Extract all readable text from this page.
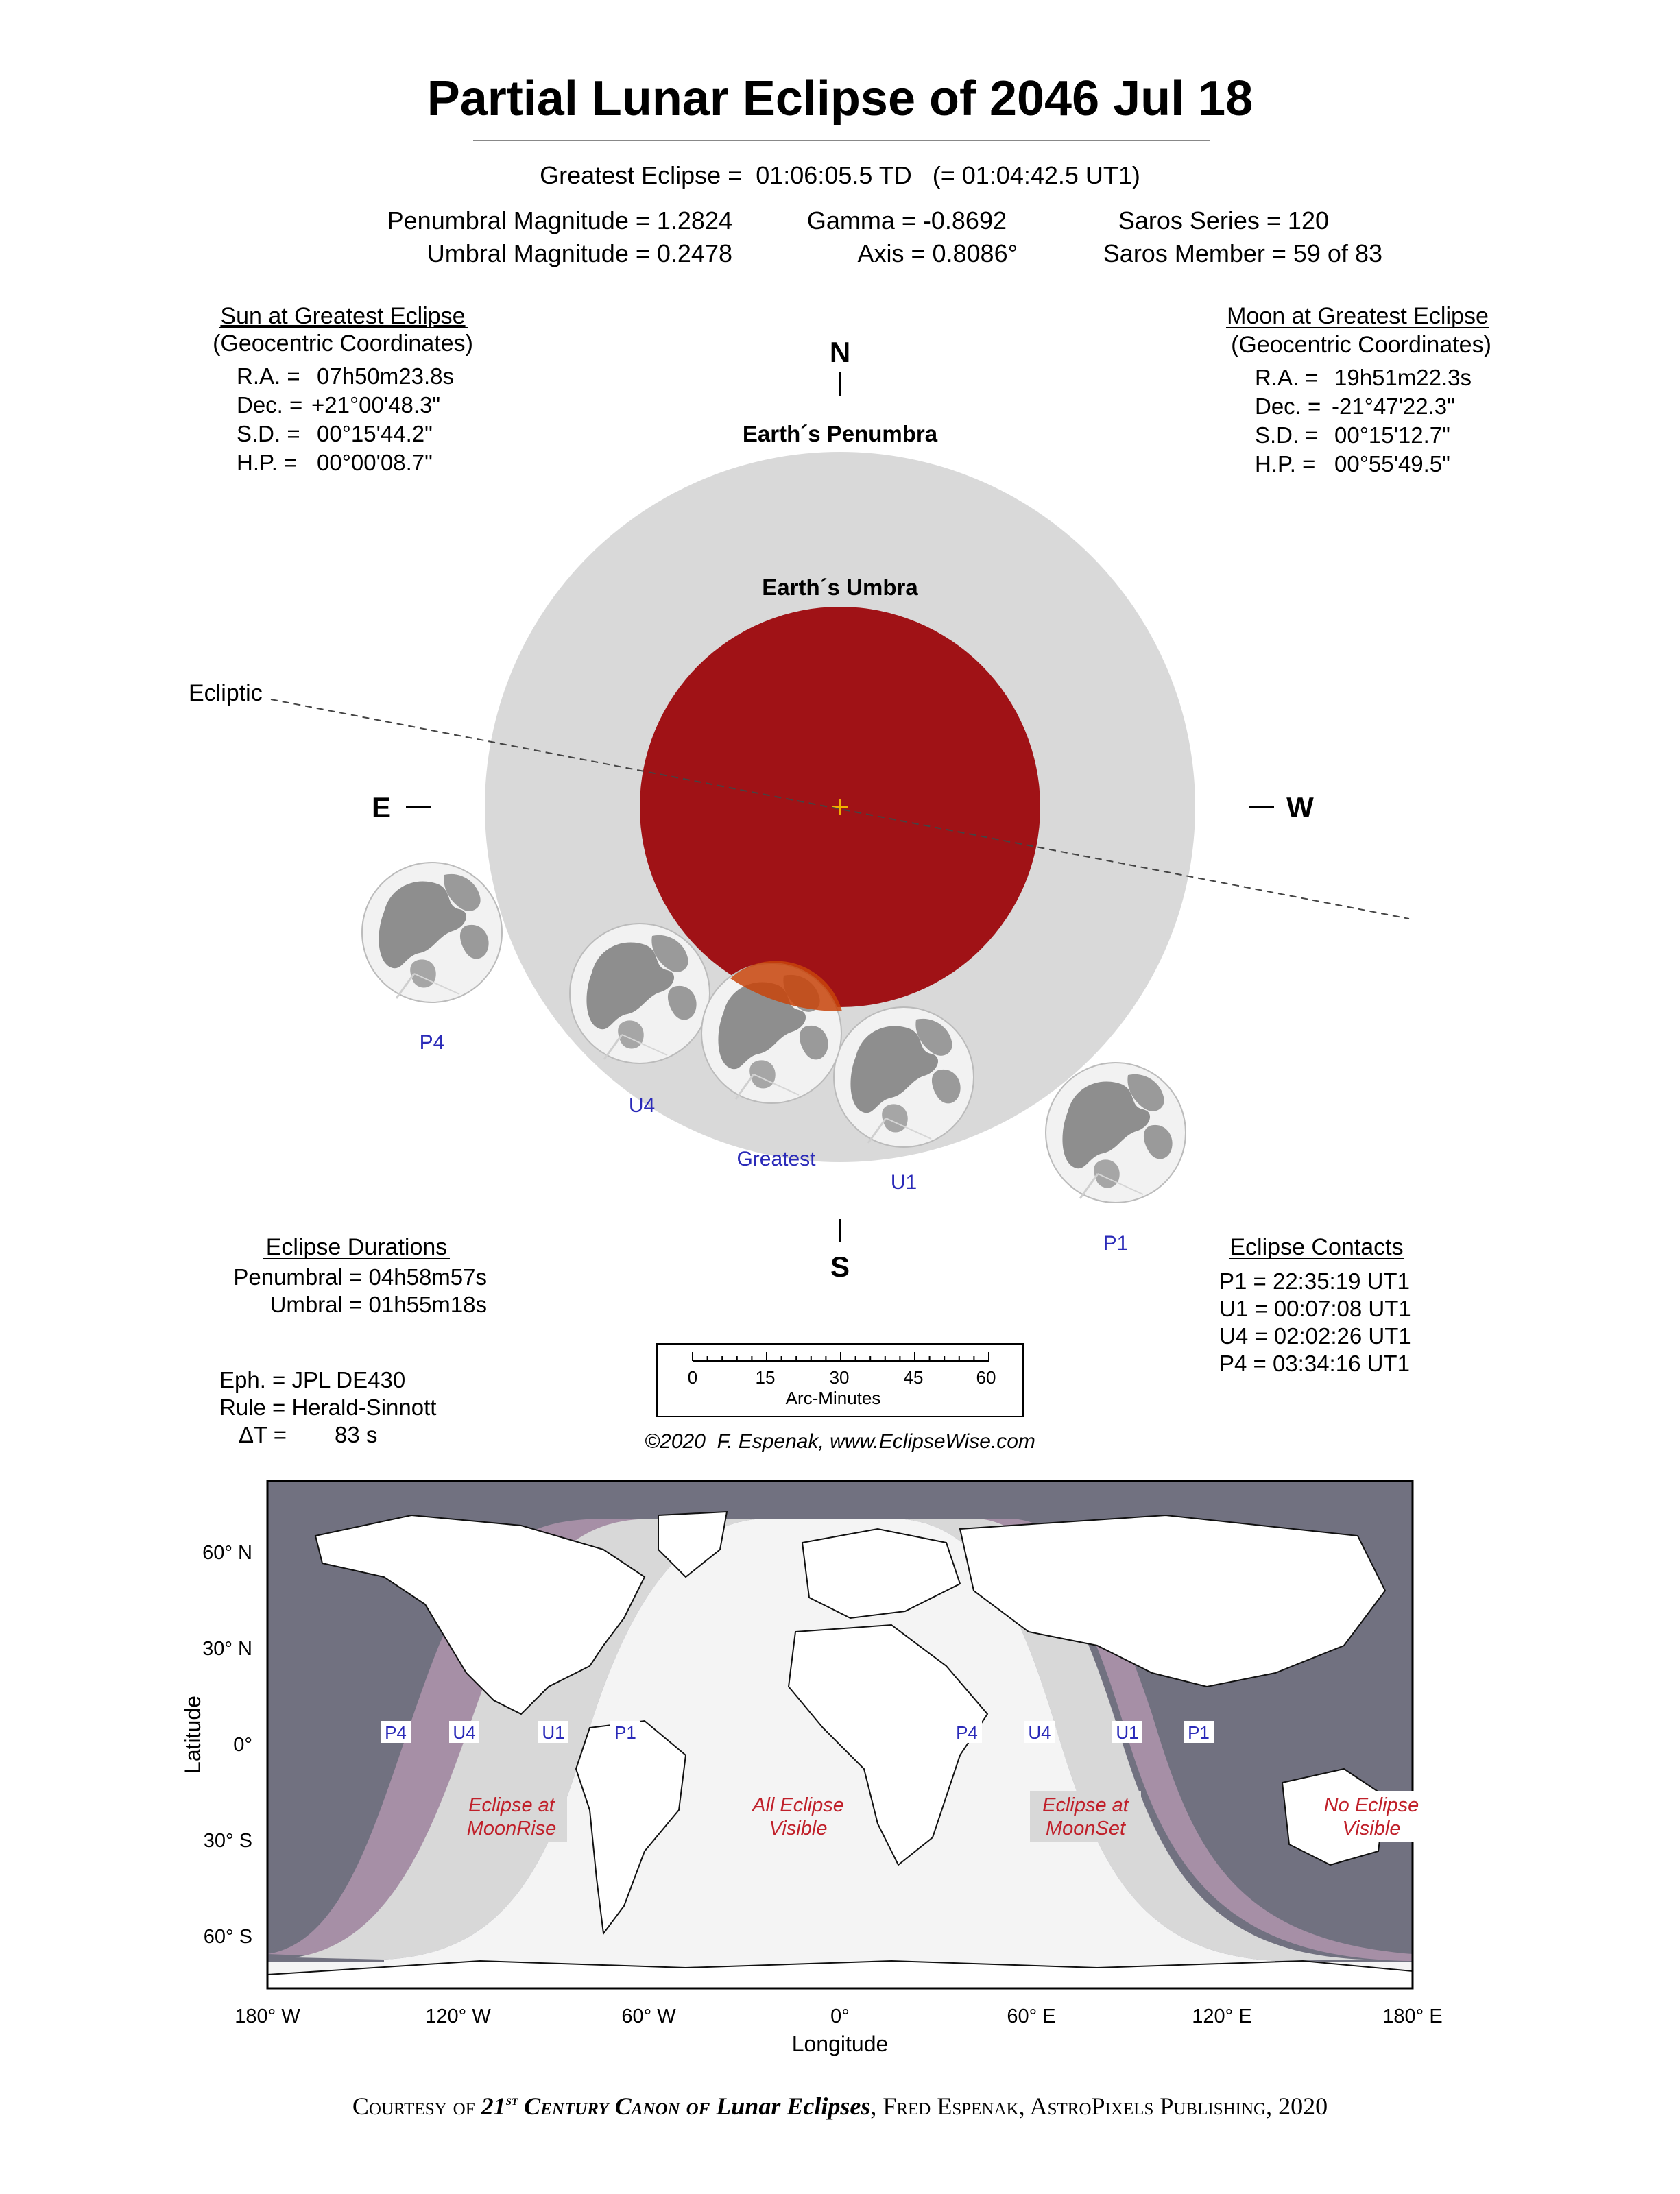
Partial Lunar Eclipse of 2046 Jul 18
Greatest Eclipse =  01:06:05.5 TD   (= 01:04:42.5 UT1)
Penumbral Magnitude = 1.2824
Umbral Magnitude = 0.2478
Gamma = -0.8692
Axis = 0.8086°
Saros Series = 120
Saros Member = 59 of 83
Sun at Greatest Eclipse
(Geocentric Coordinates)
R.A. = 07h50m23.8s
Dec. = +21°00'48.3"
S.D. = 00°15'44.2"
H.P. = 00°00'08.7"
Moon at Greatest Eclipse
(Geocentric Coordinates)
R.A. = 19h51m22.3s
Dec. = -21°47'22.3"
S.D. = 00°15'12.7"
H.P. = 00°55'49.5"
N
Earth´s Penumbra
Earth´s Umbra
Ecliptic
E	W
P4
U4
Greatest
U1
P1
S
Eclipse Durations
Penumbral = 04h58m57s
Umbral = 01h55m18s
Eclipse Contacts
P1 = 22:35:19 UT1
U1 = 00:07:08 UT1
U4 = 02:02:26 UT1
P4 = 03:34:16 UT1
Eph. = JPL DE430
Rule = Herald-Sinnott
ΔT = 83 s
0	15	30	45	60
Arc-Minutes
©2020  F. Espenak, www.EclipseWise.com
Eclipse at
MoonRise
All Eclipse
Visible
Eclipse at
MoonSet
No Eclipse
Visible
P4	U4	U1	P1	P4	U4	U1	P1
60° N
30° N
0°
30° S
60° S
Latitude
180° W	120° W	60° W	0°	60° E	120° E	180° E
Longitude
Courtesy of 21st Century Canon of Lunar Eclipses, Fred Espenak, AstroPixels Publishing, 2020
